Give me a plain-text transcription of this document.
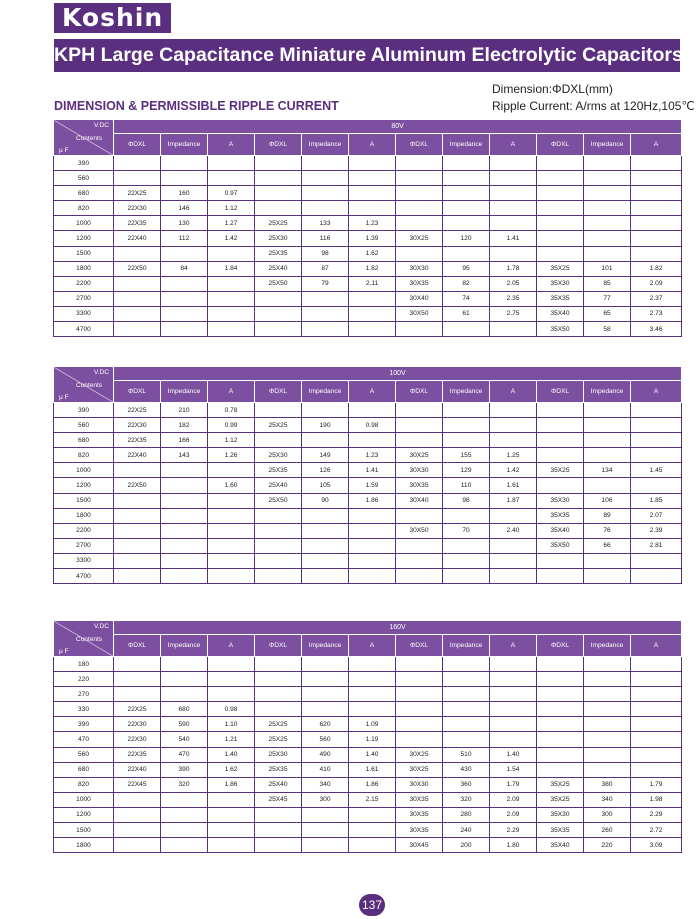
Koshin
KPH Large Capacitance Miniature Aluminum Electrolytic Capacitors
DIMENSION & PERMISSIBLE RIPPLE CURRENT
Dimension:ΦDXL(mm)
Ripple Current: A/rms at 120Hz,105℃
V.DC
Contents
μ F	80V											
	ΦDXL	Impedance	A	ΦDXL	Impedance	A	ΦDXL	Impedance	A	ΦDXL	Impedance	A
390												
560												
680	22X25	160	0.97									
820	22X30	146	1.12									
1000	22X35	130	1.27	25X25	133	1.23						
1200	22X40	112	1.42	25X30	116	1.39	30X25	120	1.41			
1500				25X35	98	1.62						
1800	22X50	84	1.84	25X40	87	1.82	30X30	95	1.78	35X25	101	1.82
2200				25X50	79	2.11	30X35	82	2.05	35X30	85	2.09
2700							30X40	74	2.35	35X35	77	2.37
3300							30X50	61	2.75	35X40	65	2.73
4700										35X50	58	3.46
V.DC
Contents
μ F	100V											
	ΦDXL	Impedance	A	ΦDXL	Impedance	A	ΦDXL	Impedance	A	ΦDXL	Impedance	A
390	22X25	210	0.78									
560	22X30	182	0.99	25X25	190	0.98						
680	22X35	166	1.12									
820	22X40	143	1.26	25X30	149	1.23	30X25	155	1.25			
1000				25X35	126	1.41	30X30	129	1.42	35X25	134	1.45
1200	22X50		1.60	25X40	105	1.59	30X35	110	1.61			
1500				25X50	90	1.86	30X40	98	1.87	35X30	106	1.85
1800										35X35	89	2.07
2200							30X50	70	2.40	35X40	76	2.39
2700										35X50	66	2.81
3300												
4700												
V.DC
Contents
μ F	160V											
	ΦDXL	Impedance	A	ΦDXL	Impedance	A	ΦDXL	Impedance	A	ΦDXL	Impedance	A
180												
220												
270												
330	22X25	680	0.98									
390	22X30	590	1.10	25X25	620	1.09						
470	22X30	540	1.21	25X25	560	1.19						
560	22X35	470	1.40	25X30	490	1.40	30X25	510	1.40			
680	22X40	390	1.62	25X35	410	1.61	30X25	430	1.54			
820	22X45	320	1.86	25X40	340	1.86	30X30	360	1.79	35X25	380	1.79
1000				25X45	300	2.15	30X35	320	2.09	35X25	340	1.98
1200							30X35	280	2.09	35X30	300	2.29
1500							30X35	240	2.29	35X35	260	2.72
1800							30X45	200	1.80	35X40	220	3.09
137
